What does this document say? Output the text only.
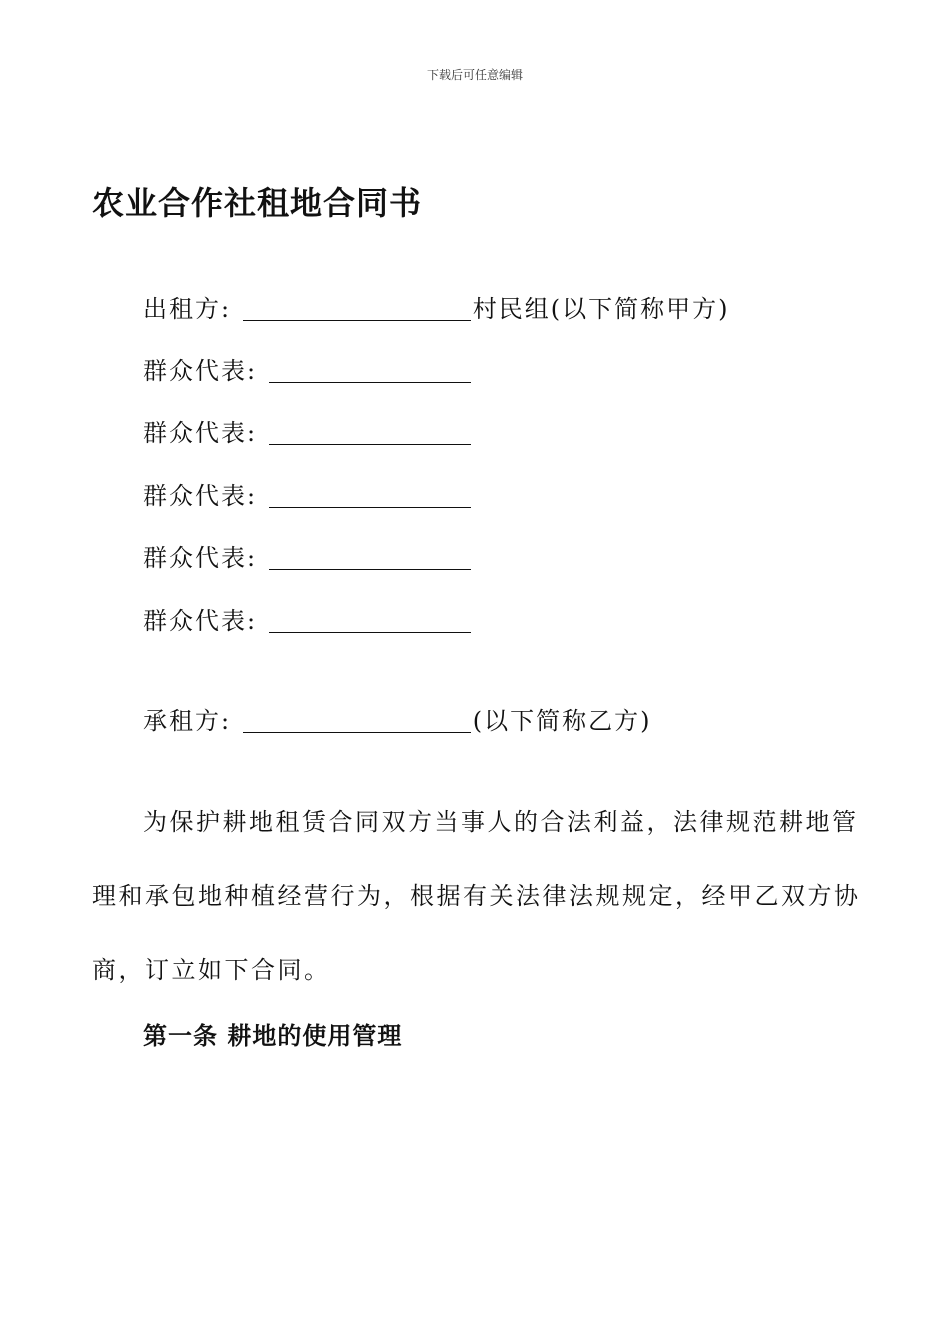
下载后可任意编辑
农业合作社租地合同书
出租方:	村民组(以下简称甲方)
群众代表:
群众代表:
群众代表:
群众代表:
群众代表:
承租方:	(以下简称乙方)

为保护耕地租赁合同双方当事人的合法利益，法律规范耕地管理和承包地种植经营行为，根据有关法律法规规定，经甲乙双方协商，订立如下合同。

第一条 耕地的使用管理
